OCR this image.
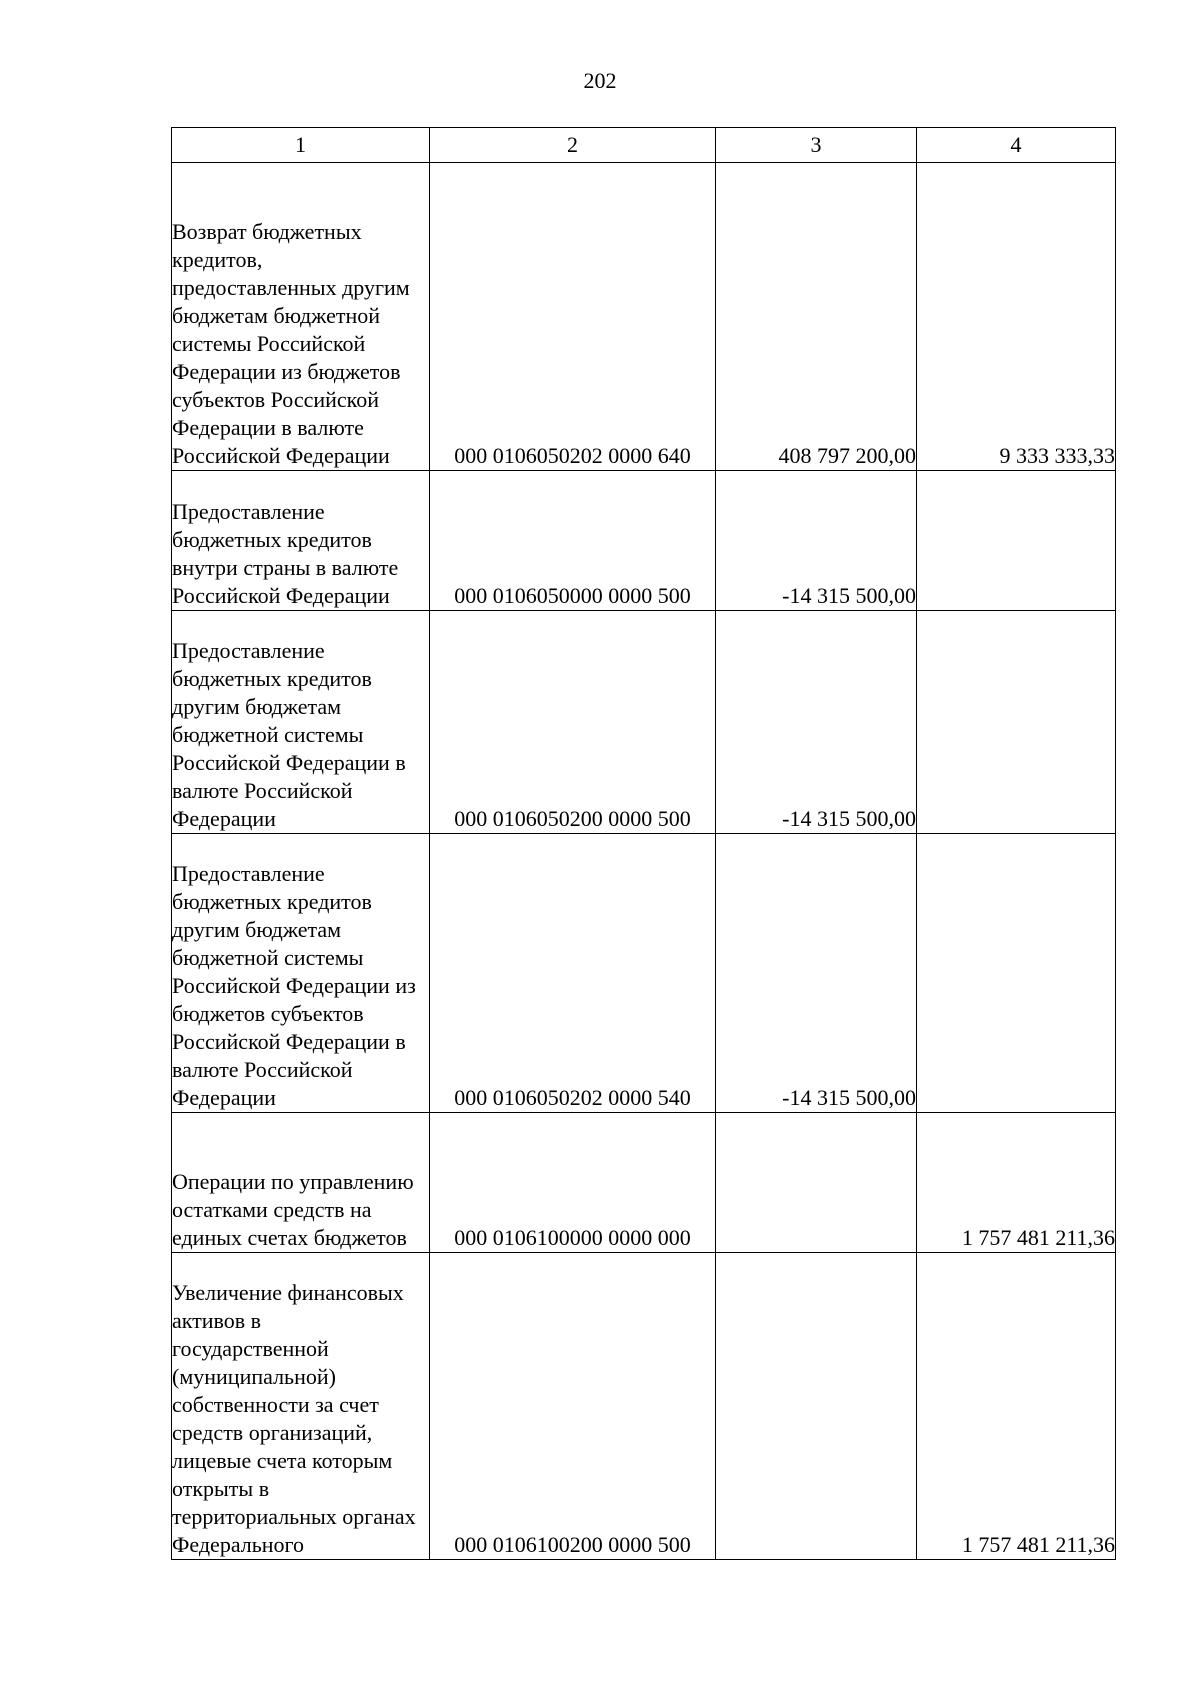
202
1	2	3	4

Возврат бюджетных кредитов, предоставленных другим бюджетам бюджетной системы Российской Федерации из бюджетов субъектов Российской Федерации в валюте Российской Федерации	000 0106050202 0000 640	408 797 200,00	9 333 333,33

Предоставление бюджетных кредитов внутри страны в валюте Российской Федерации	000 0106050000 0000 500	-14 315 500,00	

Предоставление бюджетных кредитов другим бюджетам бюджетной системы Российской Федерации в валюте Российской Федерации	000 0106050200 0000 500	-14 315 500,00	

Предоставление бюджетных кредитов другим бюджетам бюджетной системы Российской Федерации из бюджетов субъектов Российской Федерации в валюте Российской Федерации	000 0106050202 0000 540	-14 315 500,00	

Операции по управлению остатками средств на единых счетах бюджетов	000 0106100000 0000 000		1 757 481 211,36

Увеличение финансовых активов в государственной (муниципальной) собственности за счет средств организаций, лицевые счета которым открыты в территориальных органах Федерального	000 0106100200 0000 500		1 757 481 211,36
